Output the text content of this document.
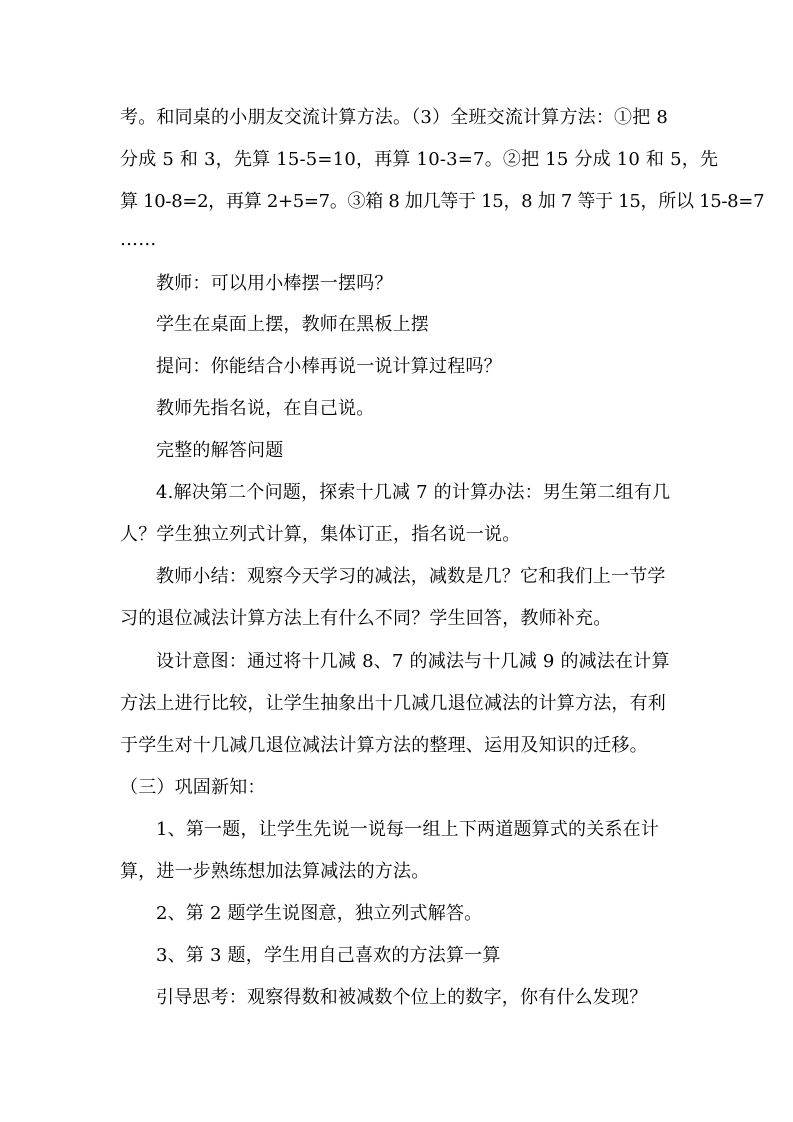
考。和同桌的小朋友交流计算方法。（3）全班交流计算方法：①把 8
分成 5 和 3，先算 15-5=10，再算 10-3=7。②把 15 分成 10 和 5，先
算 10-8=2，再算 2+5=7。③箱 8 加几等于 15，8 加 7 等于 15，所以 15-8=7
……
教师：可以用小棒摆一摆吗？
学生在桌面上摆，教师在黑板上摆
提问：你能结合小棒再说一说计算过程吗？
教师先指名说，在自己说。
完整的解答问题
4.解决第二个问题，探索十几减 7 的计算办法：男生第二组有几
人？学生独立列式计算，集体订正，指名说一说。
教师小结：观察今天学习的减法，减数是几？它和我们上一节学
习的退位减法计算方法上有什么不同？学生回答，教师补充。
设计意图：通过将十几减 8、7 的减法与十几减 9 的减法在计算
方法上进行比较，让学生抽象出十几减几退位减法的计算方法，有利
于学生对十几减几退位减法计算方法的整理、运用及知识的迁移。
（三）巩固新知：
1、第一题，让学生先说一说每一组上下两道题算式的关系在计
算，进一步熟练想加法算减法的方法。
2、第 2 题学生说图意，独立列式解答。
3、第 3 题，学生用自己喜欢的方法算一算
引导思考：观察得数和被减数个位上的数字，你有什么发现？
